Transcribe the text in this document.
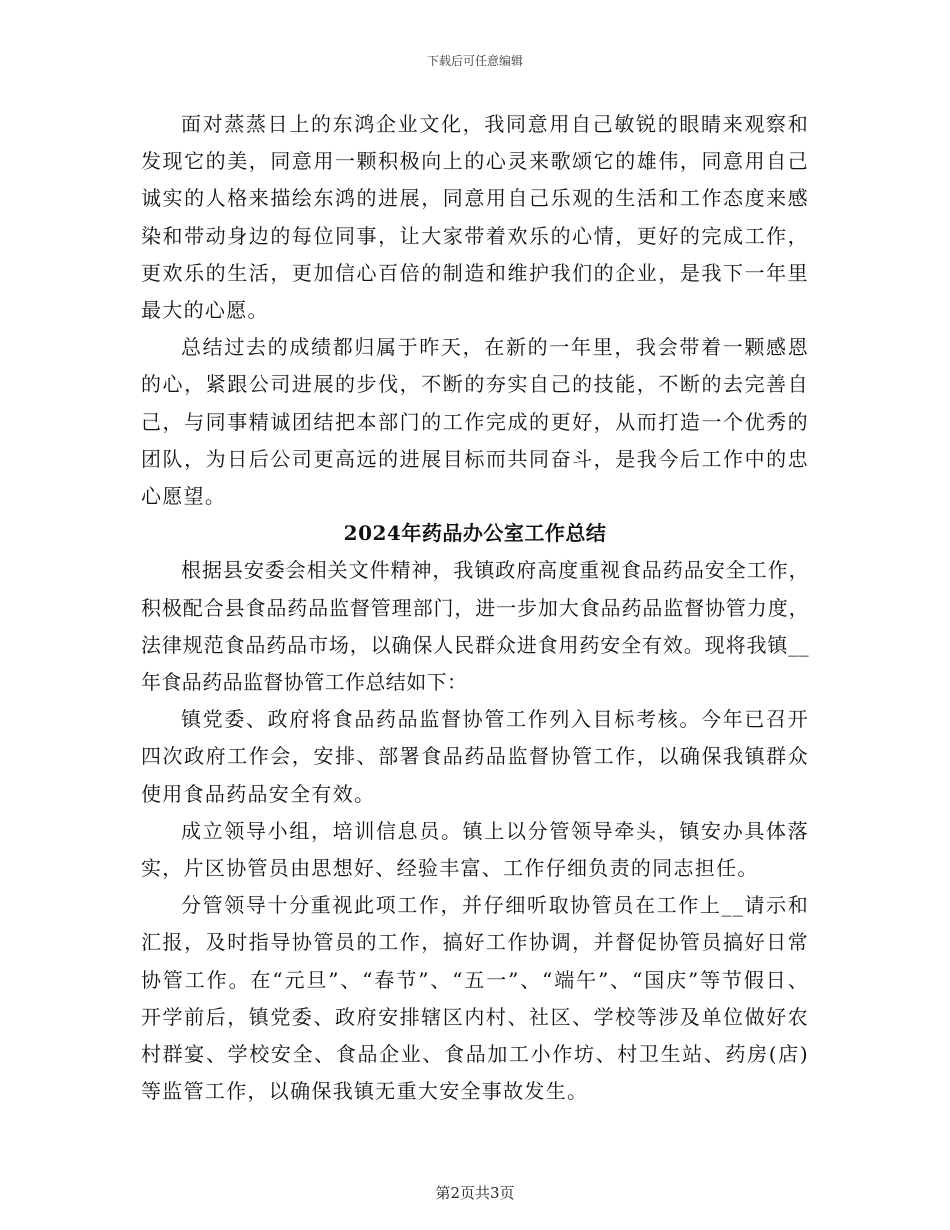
下载后可任意编辑

面对蒸蒸日上的东鸿企业文化，我同意用自己敏锐的眼睛来观察和发现它的美，同意用一颗积极向上的心灵来歌颂它的雄伟，同意用自己诚实的人格来描绘东鸿的进展，同意用自己乐观的生活和工作态度来感染和带动身边的每位同事，让大家带着欢乐的心情，更好的完成工作，更欢乐的生活，更加信心百倍的制造和维护我们的企业，是我下一年里最大的心愿。

总结过去的成绩都归属于昨天，在新的一年里，我会带着一颗感恩的心，紧跟公司进展的步伐，不断的夯实自己的技能，不断的去完善自己，与同事精诚团结把本部门的工作完成的更好，从而打造一个优秀的团队，为日后公司更高远的进展目标而共同奋斗，是我今后工作中的忠心愿望。

2024年药品办公室工作总结

根据县安委会相关文件精神，我镇政府高度重视食品药品安全工作，积极配合县食品药品监督管理部门，进一步加大食品药品监督协管力度，法律规范食品药品市场，以确保人民群众进食用药安全有效。现将我镇__年食品药品监督协管工作总结如下：

镇党委、政府将食品药品监督协管工作列入目标考核。今年已召开四次政府工作会，安排、部署食品药品监督协管工作，以确保我镇群众使用食品药品安全有效。

成立领导小组，培训信息员。镇上以分管领导牵头，镇安办具体落实，片区协管员由思想好、经验丰富、工作仔细负责的同志担任。

分管领导十分重视此项工作，并仔细听取协管员在工作上__请示和汇报，及时指导协管员的工作，搞好工作协调，并督促协管员搞好日常协管工作。在“元旦”、“春节”、“五一”、“端午”、“国庆”等节假日、开学前后，镇党委、政府安排辖区内村、社区、学校等涉及单位做好农村群宴、学校安全、食品企业、食品加工小作坊、村卫生站、药房(店)等监管工作，以确保我镇无重大安全事故发生。

第2页共3页
